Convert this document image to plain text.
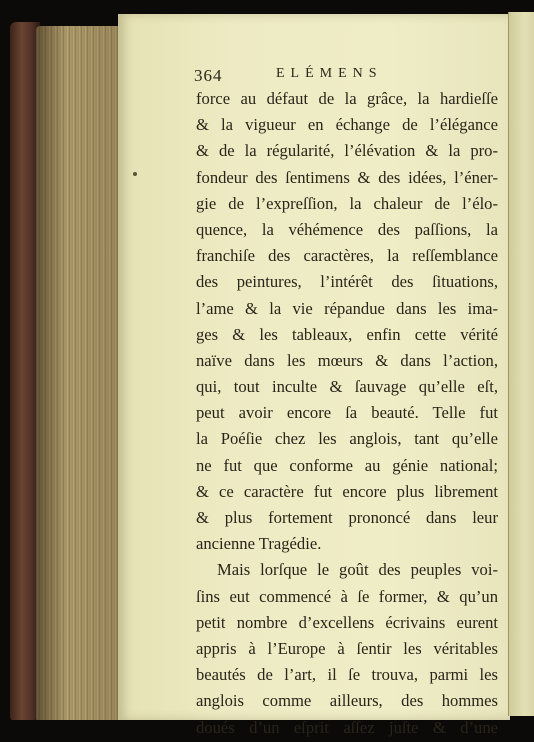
364	ELÉMENS
force au défaut de la grâce, la hardieſſe
& la vigueur en échange de l’élégance
& de la régularité, l’élévation & la pro-
fondeur des ſentimens & des idées, l’éner-
gie de l’expreſſion, la chaleur de l’élo-
quence, la véhémence des paſſions, la
franchiſe des caractères, la reſſemblance
des peintures, l’intérêt des ſituations,
l’ame & la vie répandue dans les ima-
ges & les tableaux, enfin cette vérité
naïve dans les mœurs & dans l’action,
qui, tout inculte & ſauvage qu’elle eſt,
peut avoir encore ſa beauté. Telle fut
la Poéſie chez les anglois, tant qu’elle
ne fut que conforme au génie national;
& ce caractère fut encore plus librement
& plus fortement prononcé dans leur
ancienne Tragédie.
Mais lorſque le goût des peuples voi-
ſins eut commencé à ſe former, & qu’un
petit nombre d’excellens écrivains eurent
appris à l’Europe à ſentir les véritables
beautés de l’art, il ſe trouva, parmi les
anglois comme ailleurs, des hommes
doués d’un eſprit aſſez juſte & d’une
